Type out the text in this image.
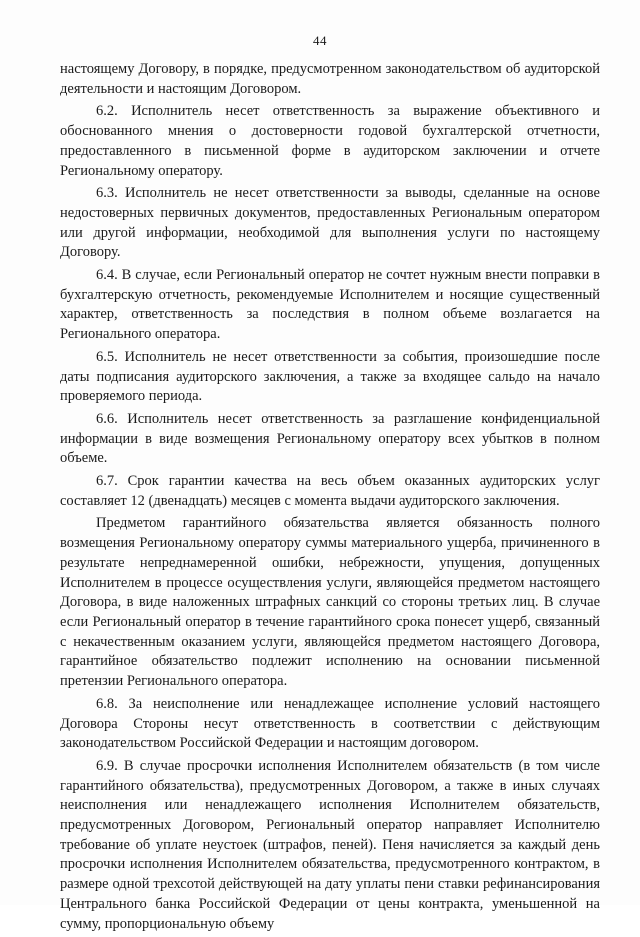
44

настоящему Договору, в порядке, предусмотренном законодательством об аудиторской деятельности и настоящим Договором.

6.2. Исполнитель несет ответственность за выражение объективного и обоснованного мнения о достоверности годовой бухгалтерской отчетности, предоставленного в письменной форме в аудиторском заключении и отчете Региональному оператору.

6.3. Исполнитель не несет ответственности за выводы, сделанные на основе недостоверных первичных документов, предоставленных Региональным оператором или другой информации, необходимой для выполнения услуги по настоящему Договору.

6.4. В случае, если Региональный оператор не сочтет нужным внести поправки в бухгалтерскую отчетность, рекомендуемые Исполнителем и носящие существенный характер, ответственность за последствия в полном объеме возлагается на Регионального оператора.

6.5. Исполнитель не несет ответственности за события, произошедшие после даты подписания аудиторского заключения, а также за входящее сальдо на начало проверяемого периода.

6.6. Исполнитель несет ответственность за разглашение конфиденциальной информации в виде возмещения Региональному оператору всех убытков в полном объеме.

6.7. Срок гарантии качества на весь объем оказанных аудиторских услуг составляет 12 (двенадцать) месяцев с момента выдачи аудиторского заключения.

Предметом гарантийного обязательства является обязанность полного возмещения Региональному оператору суммы материального ущерба, причиненного в результате непреднамеренной ошибки, небрежности, упущения, допущенных Исполнителем в процессе осуществления услуги, являющейся предметом настоящего Договора, в виде наложенных штрафных санкций со стороны третьих лиц. В случае если Региональный оператор в течение гарантийного срока понесет ущерб, связанный с некачественным оказанием услуги, являющейся предметом настоящего Договора, гарантийное обязательство подлежит исполнению на основании письменной претензии Регионального оператора.

6.8. За неисполнение или ненадлежащее исполнение условий настоящего Договора Стороны несут ответственность в соответствии с действующим законодательством Российской Федерации и настоящим договором.

6.9. В случае просрочки исполнения Исполнителем обязательств (в том числе гарантийного обязательства), предусмотренных Договором, а также в иных случаях неисполнения или ненадлежащего исполнения Исполнителем обязательств, предусмотренных Договором, Региональный оператор направляет Исполнителю требование об уплате неустоек (штрафов, пеней). Пеня начисляется за каждый день просрочки исполнения Исполнителем обязательства, предусмотренного контрактом, в размере одной трехсотой действующей на дату уплаты пени ставки рефинансирования Центрального банка Российской Федерации от цены контракта, уменьшенной на сумму, пропорциональную объему
